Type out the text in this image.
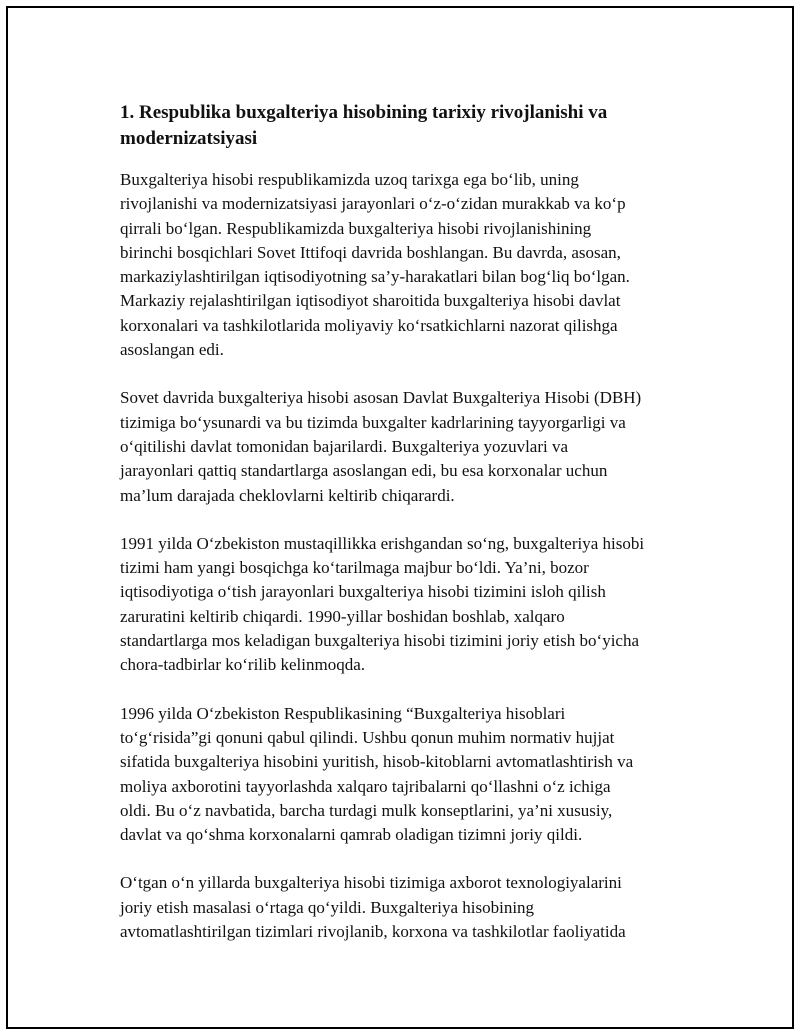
1. Respublika buxgalteriya hisobining tarixiy rivojlanishi va
modernizatsiyasi

Buxgalteriya hisobi respublikamizda uzoq tarixga ega bo‘lib, uning
rivojlanishi va modernizatsiyasi jarayonlari o‘z-o‘zidan murakkab va ko‘p
qirrali bo‘lgan. Respublikamizda buxgalteriya hisobi rivojlanishining
birinchi bosqichlari Sovet Ittifoqi davrida boshlangan. Bu davrda, asosan,
markaziylashtirilgan iqtisodiyotning sa’y-harakatlari bilan bog‘liq bo‘lgan.
Markaziy rejalashtirilgan iqtisodiyot sharoitida buxgalteriya hisobi davlat
korxonalari va tashkilotlarida moliyaviy ko‘rsatkichlarni nazorat qilishga
asoslangan edi.

Sovet davrida buxgalteriya hisobi asosan Davlat Buxgalteriya Hisobi (DBH)
tizimiga bo‘ysunardi va bu tizimda buxgalter kadrlarining tayyorgarligi va
o‘qitilishi davlat tomonidan bajarilardi. Buxgalteriya yozuvlari va
jarayonlari qattiq standartlarga asoslangan edi, bu esa korxonalar uchun
ma’lum darajada cheklovlarni keltirib chiqarardi.

1991 yilda O‘zbekiston mustaqillikka erishgandan so‘ng, buxgalteriya hisobi
tizimi ham yangi bosqichga ko‘tarilmaga majbur bo‘ldi. Ya’ni, bozor
iqtisodiyotiga o‘tish jarayonlari buxgalteriya hisobi tizimini isloh qilish
zaruratini keltirib chiqardi. 1990-yillar boshidan boshlab, xalqaro
standartlarga mos keladigan buxgalteriya hisobi tizimini joriy etish bo‘yicha
chora-tadbirlar ko‘rilib kelinmoqda.

1996 yilda O‘zbekiston Respublikasining “Buxgalteriya hisoblari
to‘g‘risida”gi qonuni qabul qilindi. Ushbu qonun muhim normativ hujjat
sifatida buxgalteriya hisobini yuritish, hisob-kitoblarni avtomatlashtirish va
moliya axborotini tayyorlashda xalqaro tajribalarni qo‘llashni o‘z ichiga
oldi. Bu o‘z navbatida, barcha turdagi mulk konseptlarini, ya’ni xususiy,
davlat va qo‘shma korxonalarni qamrab oladigan tizimni joriy qildi.

O‘tgan o‘n yillarda buxgalteriya hisobi tizimiga axborot texnologiyalarini
joriy etish masalasi o‘rtaga qo‘yildi. Buxgalteriya hisobining
avtomatlashtirilgan tizimlari rivojlanib, korxona va tashkilotlar faoliyatida
